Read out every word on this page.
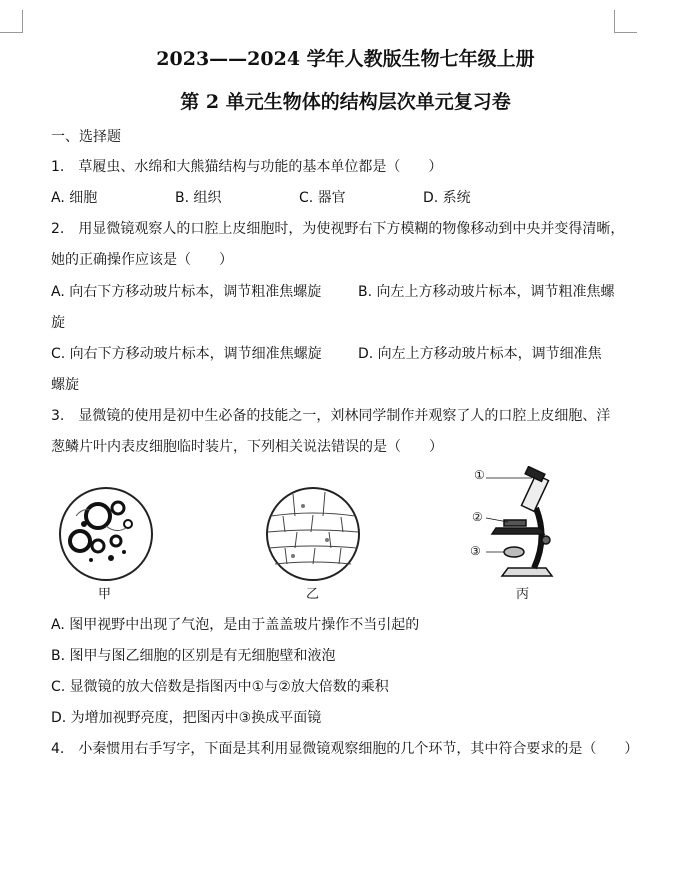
2023——2024 学年人教版生物七年级上册
第 2 单元生物体的结构层次单元复习卷
一、选择题
1.　草履虫、水绵和大熊猫结构与功能的基本单位都是（　　）
A. 细胞	B. 组织	C. 器官	D. 系统
2.　用显微镜观察人的口腔上皮细胞时，为使视野右下方模糊的物像移动到中央并变得清晰，
她的正确操作应该是（　　）
A. 向右下方移动玻片标本，调节粗准焦螺旋	B. 向左上方移动玻片标本，调节粗准焦螺
旋
C. 向右下方移动玻片标本，调节细准焦螺旋	D. 向左上方移动玻片标本，调节细准焦
螺旋
3.　显微镜的使用是初中生必备的技能之一，刘林同学制作并观察了人的口腔上皮细胞、洋
葱鳞片叶内表皮细胞临时装片，下列相关说法错误的是（　　）
甲	乙
①
②
③
丙
A. 图甲视野中出现了气泡，是由于盖盖玻片操作不当引起的
B. 图甲与图乙细胞的区别是有无细胞壁和液泡
C. 显微镜的放大倍数是指图丙中①与②放大倍数的乘积
D. 为增加视野亮度，把图丙中③换成平面镜
4.　小秦惯用右手写字，下面是其利用显微镜观察细胞的几个环节，其中符合要求的是（　　）
